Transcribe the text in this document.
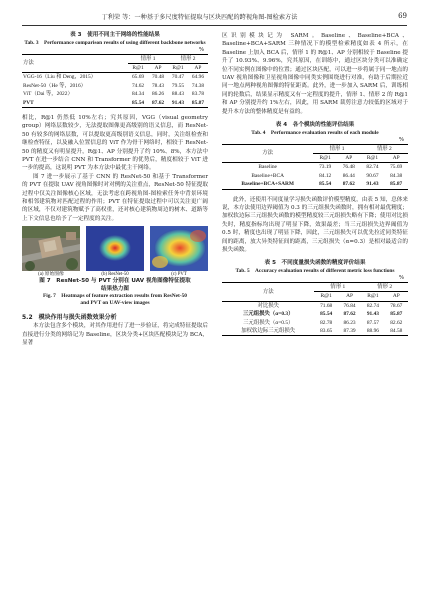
丁利荣 等：一种基于多尺度特征提取与区块匹配的跨视角图-图检索方法	69
表 3　使用不同主干网络的性能结果
Tab. 3　Performance comparison results of using different backbone networks
%
方法	情形 1		情形 2	
	R@1	AP	R@1	AP
VGG-16（Liu 和 Deng，2015）	65.69	70.48	70.47	64.96
ResNet-50（He 等，2016）	74.62	78.43	79.55	74.38
ViT（Dai 等，2022）	84.34	86.26	88.43	83.78
PVT	85.54	87.62	91.43	85.87

相比，R@1 仍然低 10%左右；究其原因，VGG（visual geometry group）网络层数较少，无法提取图像更高级别的语义信息，而 ResNet-50 有较多的网络层数，可以提取更高级别语义信息，同时，关注组检查和继检查特征，以及融入位置信息的 ViT 作为骨干网络时，相较于 ResNet-50 的精度又有明显提升，R@1、AP 分别提升了约 10%、8%，本方法中 PVT 在进一步结合 CNN 和 Transformer 的优势后，精度相较于 ViT 进一步的提高，这说明 PVT 为本方法中最优主干网络。

图 7 进一步展示了基于 CNN 的 ResNet-50 和基于 Transformer 的 PVT 在提取 UAV 视角图像时对对例的关注重点，ResNet-50 特征提取过程中仅关注图像核心区域，无法考虑在跨视角图-图检索任务中背景环境和相邻建筑物对匹配过程的作用；PVT 在特征提取过程中可以关注更广阔的区域，不仅对建筑物赋予了高权重，还对核心建筑物周边的树木、道路等上下文信息也给予了一定程度的关注。

(a) 原始图像	(b) ResNet-50	(c) PVT
图 7　ResNet-50 与 PVT 分别在 UAV 视角图像特征提取
结果热力图
Fig. 7　Heatmaps of feature extraction results from ResNet-50
and PVT on UAV-view images
5.2　模块作用与损失函数效果分析

本方法包含多个模块，对其作用进行了进一步验证，将完成特征提取后直接进行分类的网络记为 Baseline，区块分类+区块匹配模块记为 BCA，显著

区识别模块记为 SARM。Baseline、Baseline+BCA、Baseline+BCA+SARM 三种情况下的模型检索精度如表 4 所示，在 Baseline 上加入 BCA 后，情形 1 的 R@1、AP 分别相较于 Baseline 提升了 10.93%、9.96%，究其原因，在训练中，通过区块分类可以准确定位不同实例在图像中的位置；通过区块匹配，可以进一步将属于同一地点的 UAV 视角图像和卫星视角图像中同类实例围绕进行对准，有助于后期拉近同一地点两种视角图像的特征距离。此外，进一步加入 SARM 后，训练相同的轮数后，结果显示精度又有一定程度的提升，情形 1、情形 2 的 R@1 和 AP 分别提升约 1%左右，因此，用 SARM 裁剪注意力较低的区域对于提升本方法的整体精度是有益的。

表 4　各个模块的性能评估结果
Tab. 4　Performance evaluation results of each module
%
方法	情形 1		情形 2	
	R@1	AP	R@1	AP
Baseline	73.19	76.48	82.74	75.69
Baseline+BCA	84.12	86.44	90.67	84.38
Baseline+BCA+SARM	85.54	87.62	91.43	85.87

此外，还使用不同度量学习损失函数评价模型精度，由表 5 知，总体来说，本方法使用边界阈值为 0.3 的三元组损失函数时，拥有相对最优精度；加权软边际三元组损失函数的模型精度较三元组损失略有下降；使用对比损失时，精度指标均出现了明显下降，效果最差；当三元组损失边界阈值为 0.5 时，精度也出现了明显下降，因此，三元组损失可以优先拉近同类特征间的距离，放大异类特征间的距离，三元组损失（α=0.3）是相对最适合的损失函数。

表 5　不同度量损失函数的精度评价结果
Tab. 5　Accuracy evaluation results of different metric loss functions
%
方法	情形 1		情形 2	
	R@1	AP	R@1	AP
对比损失	71.68	76.84	82.74	78.67
三元组损失（α=0.3）	85.54	87.62	91.43	85.87
三元组损失（α=0.5）	82.78	86.23	87.57	82.62
加权软边际三元组损失	83.65	87.39	88.96	84.58
